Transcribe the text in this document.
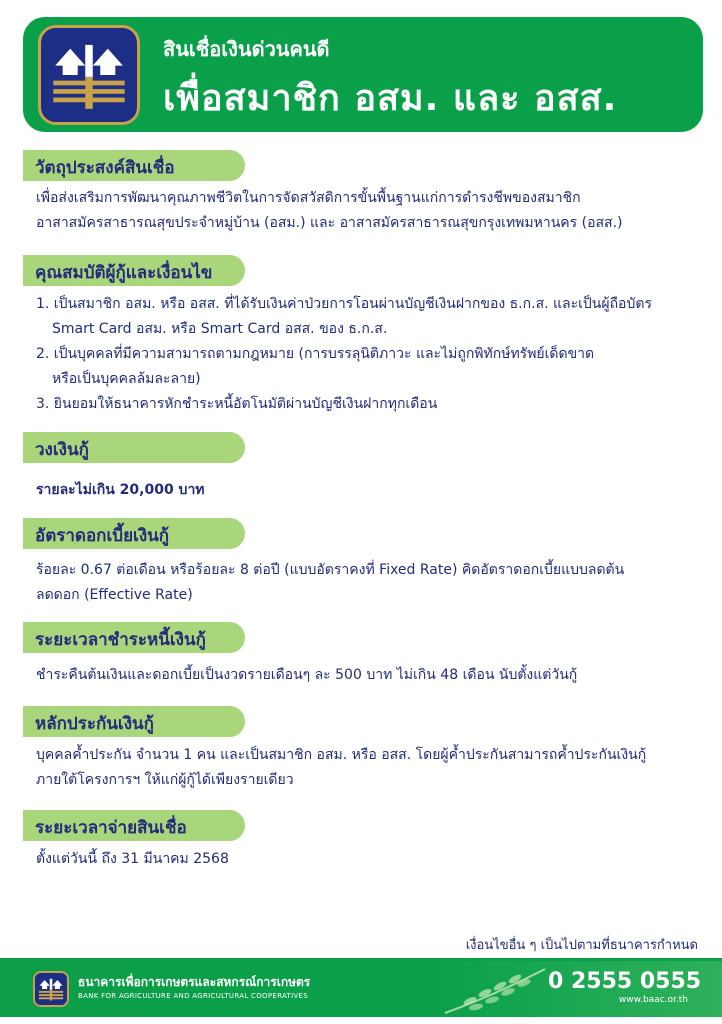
สินเชื่อเงินด่วนคนดี
เพื่อสมาชิก อสม. และ อสส.
วัตถุประสงค์สินเชื่อ
เพื่อส่งเสริมการพัฒนาคุณภาพชีวิตในการจัดสวัสดิการขั้นพื้นฐานแก่การดำรงชีพของสมาชิก
อาสาสมัครสาธารณสุขประจำหมู่บ้าน (อสม.) และ อาสาสมัครสาธารณสุขกรุงเทพมหานคร (อสส.)
คุณสมบัติผู้กู้และเงื่อนไข
1. เป็นสมาชิก อสม. หรือ อสส. ที่ได้รับเงินค่าป่วยการโอนผ่านบัญชีเงินฝากของ ธ.ก.ส. และเป็นผู้ถือบัตร
Smart Card อสม. หรือ Smart Card อสส. ของ ธ.ก.ส.
2. เป็นบุคคลที่มีความสามารถตามกฎหมาย (การบรรลุนิติภาวะ และไม่ถูกพิทักษ์ทรัพย์เด็ดขาด
หรือเป็นบุคคลล้มละลาย)
3. ยินยอมให้ธนาคารหักชำระหนี้อัตโนมัติผ่านบัญชีเงินฝากทุกเดือน
วงเงินกู้
รายละไม่เกิน 20,000 บาท
อัตราดอกเบี้ยเงินกู้
ร้อยละ 0.67 ต่อเดือน หรือร้อยละ 8 ต่อปี (แบบอัตราคงที่ Fixed Rate) คิดอัตราดอกเบี้ยแบบลดต้น
ลดดอก (Effective Rate)
ระยะเวลาชำระหนี้เงินกู้
ชำระคืนต้นเงินและดอกเบี้ยเป็นงวดรายเดือนๆ ละ 500 บาท ไม่เกิน 48 เดือน นับตั้งแต่วันกู้
หลักประกันเงินกู้
บุคคลค้ำประกัน จำนวน 1 คน และเป็นสมาชิก อสม. หรือ อสส. โดยผู้ค้ำประกันสามารถค้ำประกันเงินกู้
ภายใต้โครงการฯ ให้แก่ผู้กู้ได้เพียงรายเดียว
ระยะเวลาจ่ายสินเชื่อ
ตั้งแต่วันนี้ ถึง 31 มีนาคม 2568
เงื่อนไขอื่น ๆ เป็นไปตามที่ธนาคารกำหนด
ธนาคารเพื่อการเกษตรและสหกรณ์การเกษตร
BANK FOR AGRICULTURE AND AGRICULTURAL COOPERATIVES
0 2555 0555
www.baac.or.th
